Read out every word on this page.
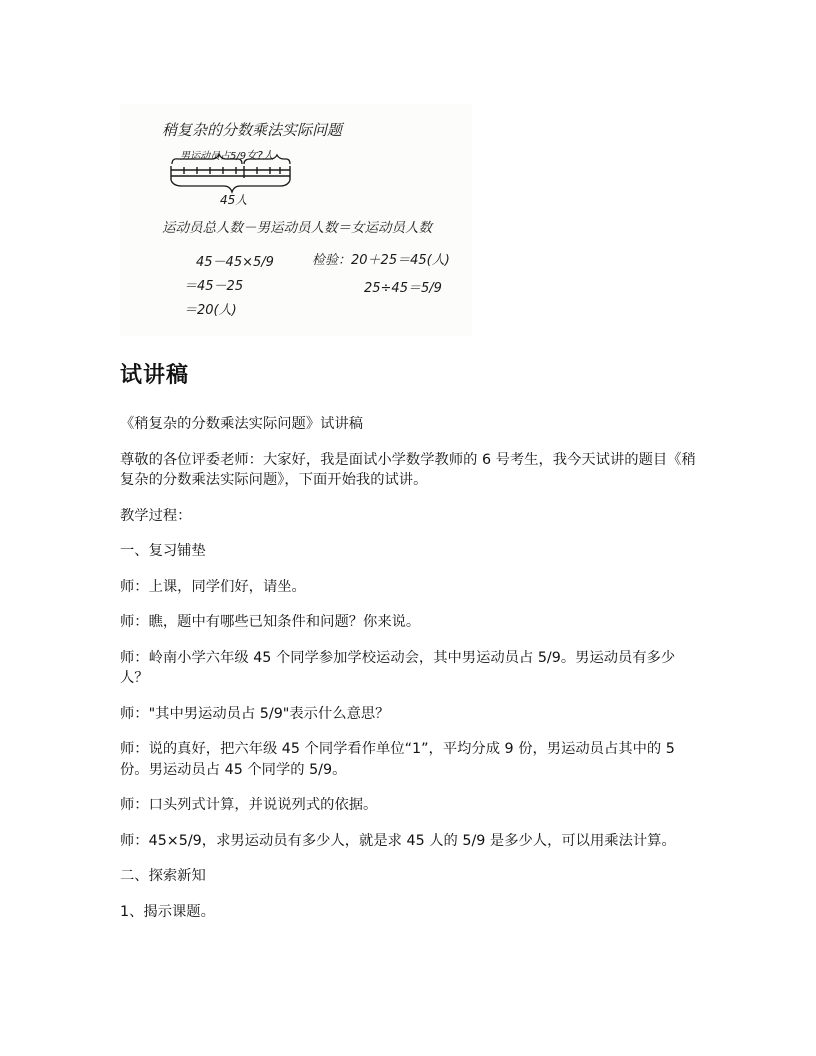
稍复杂的分数乘法实际问题
男运动员占5/9 女?人
45人
运动员总人数－男运动员人数＝女运动员人数
45－45×5/9
＝45－25
＝20(人)
检验：20＋25＝45(人)
25÷45＝5/9
试讲稿

《稍复杂的分数乘法实际问题》试讲稿

尊敬的各位评委老师：大家好，我是面试小学数学教师的 6 号考生，我今天试讲的题目《稍复杂的分数乘法实际问题》，下面开始我的试讲。

教学过程：

一、复习铺垫

师：上课，同学们好，请坐。

师：瞧，题中有哪些已知条件和问题？你来说。

师：岭南小学六年级 45 个同学参加学校运动会，其中男运动员占 5/9。男运动员有多少人？

师："其中男运动员占 5/9"表示什么意思？

师：说的真好，把六年级 45 个同学看作单位“1”，平均分成 9 份，男运动员占其中的 5 份。男运动员占 45 个同学的 5/9。

师：口头列式计算，并说说列式的依据。

师：45×5/9，求男运动员有多少人，就是求 45 人的 5/9 是多少人，可以用乘法计算。

二、探索新知

1、揭示课题。
